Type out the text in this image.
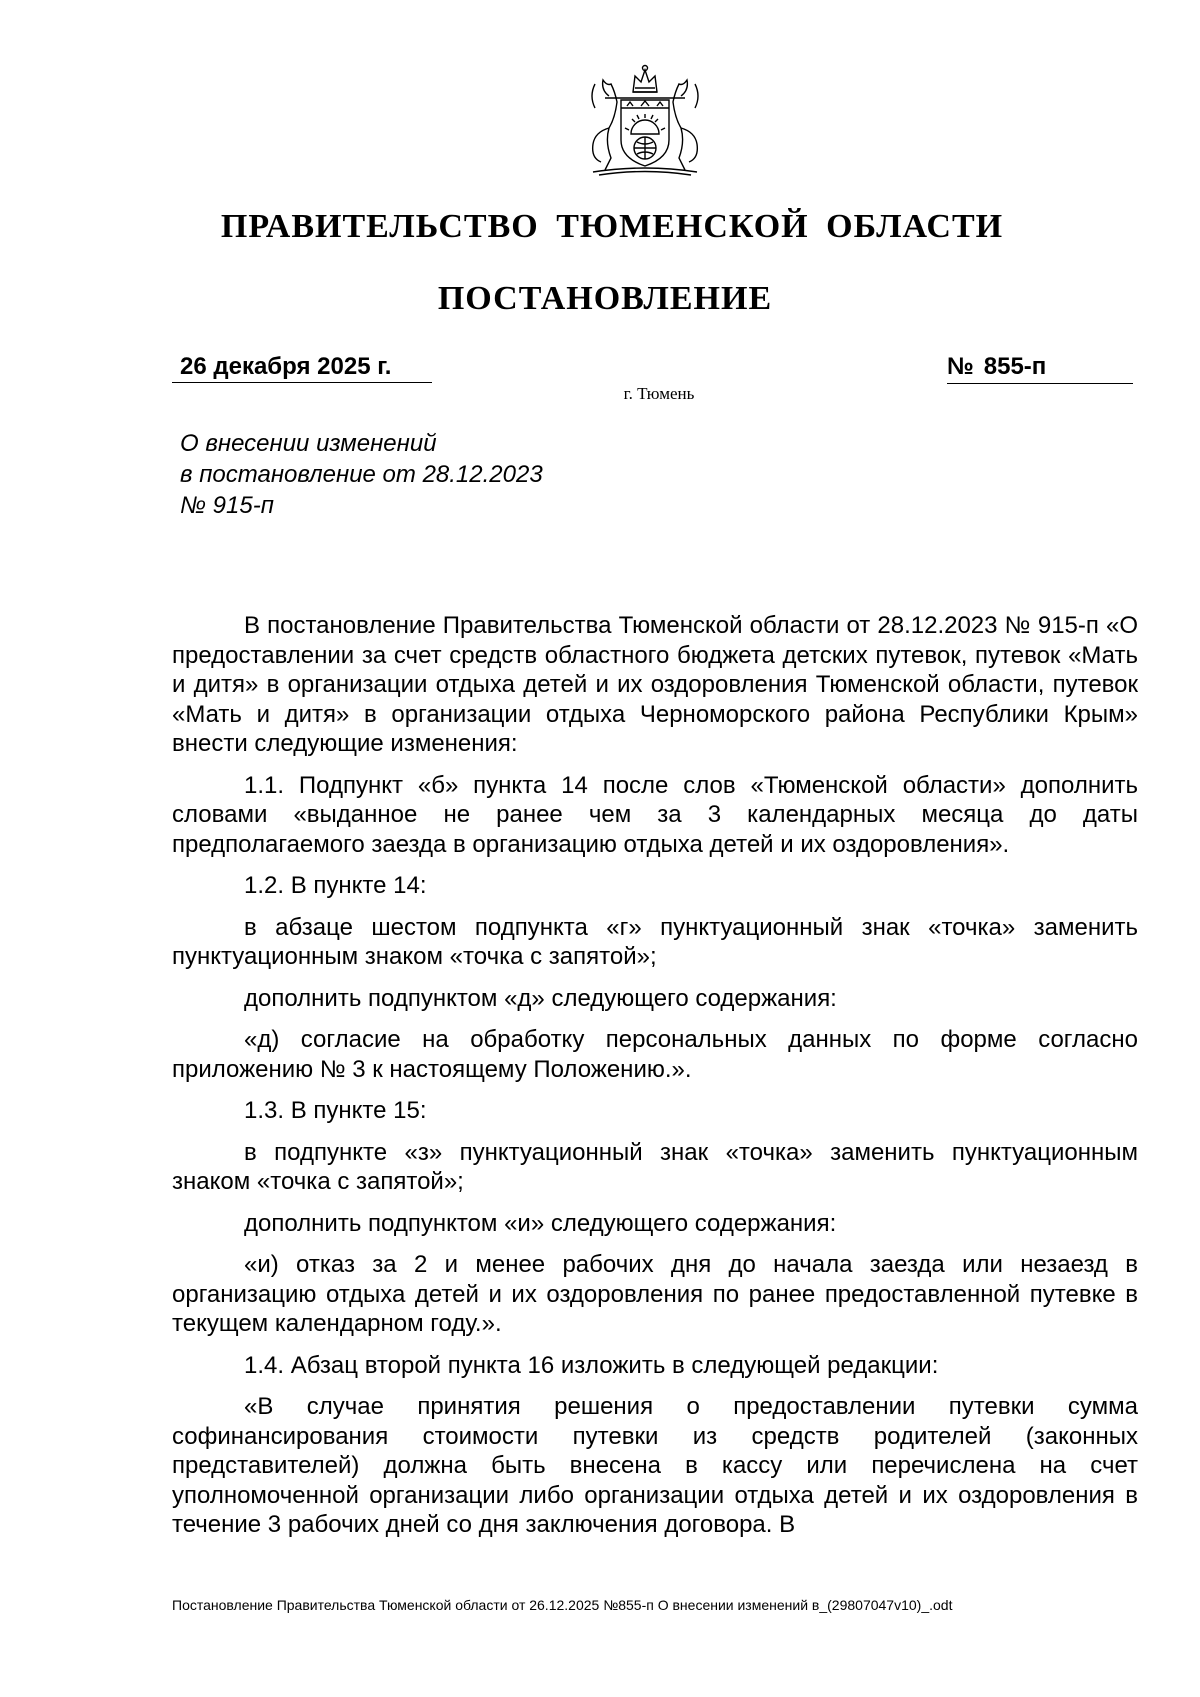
ПРАВИТЕЛЬСТВО ТЮМЕНСКОЙ ОБЛАСТИ
ПОСТАНОВЛЕНИЕ
26 декабря 2025 г.	№ 855-п
г. Тюмень
О внесении изменений
в постановление от 28.12.2023
№ 915-п

В постановление Правительства Тюменской области от 28.12.2023 № 915-п «О предоставлении за счет средств областного бюджета детских путевок, путевок «Мать и дитя» в организации отдыха детей и их оздоровления Тюменской области, путевок «Мать и дитя» в организации отдыха Черноморского района Республики Крым» внести следующие изменения:

1.1. Подпункт «б» пункта 14 после слов «Тюменской области» дополнить словами «выданное не ранее чем за 3 календарных месяца до даты предполагаемого заезда в организацию отдыха детей и их оздоровления».

1.2. В пункте 14:

в абзаце шестом подпункта «г» пунктуационный знак «точка» заменить пунктуационным знаком «точка с запятой»;

дополнить подпунктом «д» следующего содержания:

«д) согласие на обработку персональных данных по форме согласно приложению № 3 к настоящему Положению.».

1.3. В пункте 15:

в подпункте «з» пунктуационный знак «точка» заменить пунктуационным знаком «точка с запятой»;

дополнить подпунктом «и» следующего содержания:

«и) отказ за 2 и менее рабочих дня до начала заезда или незаезд в организацию отдыха детей и их оздоровления по ранее предоставленной путевке в текущем календарном году.».

1.4. Абзац второй пункта 16 изложить в следующей редакции:

«В случае принятия решения о предоставлении путевки сумма софинансирования стоимости путевки из средств родителей (законных представителей) должна быть внесена в кассу или перечислена на счет уполномоченной организации либо организации отдыха детей и их оздоровления в течение 3 рабочих дней со дня заключения договора. В

Постановление Правительства Тюменской области от 26.12.2025 №855-п О внесении изменений в_(29807047v10)_.odt
